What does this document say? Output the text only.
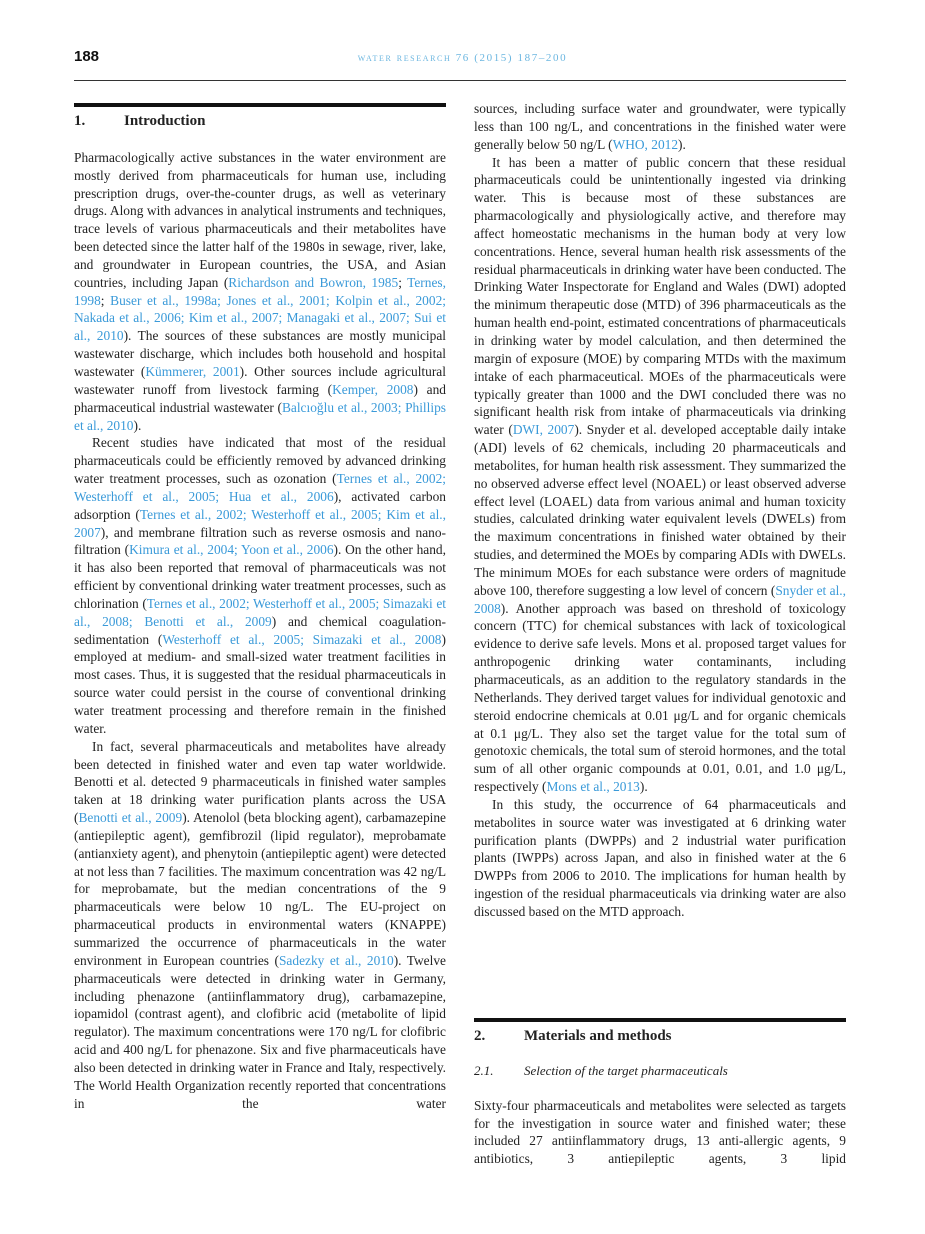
188	water research 76 (2015) 187–200
1.	Introduction

Pharmacologically active substances in the water environment are mostly derived from pharmaceuticals for human use, including prescription drugs, over-the-counter drugs, as well as veterinary drugs. Along with advances in analytical instruments and techniques, trace levels of various pharmaceuticals and their metabolites have been detected since the latter half of the 1980s in sewage, river, lake, and groundwater in European countries, the USA, and Asian countries, including Japan (Richardson and Bowron, 1985; Ternes, 1998; Buser et al., 1998a; Jones et al., 2001; Kolpin et al., 2002; Nakada et al., 2006; Kim et al., 2007; Managaki et al., 2007; Sui et al., 2010). The sources of these substances are mostly municipal wastewater discharge, which includes both household and hospital wastewater (Kümmerer, 2001). Other sources include agricultural wastewater runoff from livestock farming (Kemper, 2008) and pharmaceutical industrial wastewater (Balcıoğlu et al., 2003; Phillips et al., 2010).

Recent studies have indicated that most of the residual pharmaceuticals could be efficiently removed by advanced drinking water treatment processes, such as ozonation (Ternes et al., 2002; Westerhoff et al., 2005; Hua et al., 2006), activated carbon adsorption (Ternes et al., 2002; Westerhoff et al., 2005; Kim et al., 2007), and membrane filtration such as reverse osmosis and nano-filtration (Kimura et al., 2004; Yoon et al., 2006). On the other hand, it has also been reported that removal of pharmaceuticals was not efficient by conventional drinking water treatment processes, such as chlorination (Ternes et al., 2002; Westerhoff et al., 2005; Simazaki et al., 2008; Benotti et al., 2009) and chemical coagulation-sedimentation (Westerhoff et al., 2005; Simazaki et al., 2008) employed at medium- and small-sized water treatment facilities in most cases. Thus, it is suggested that the residual pharmaceuticals in source water could persist in the course of conventional drinking water treatment processing and therefore remain in the finished water.

In fact, several pharmaceuticals and metabolites have already been detected in finished water and even tap water worldwide. Benotti et al. detected 9 pharmaceuticals in finished water samples taken at 18 drinking water purification plants across the USA (Benotti et al., 2009). Atenolol (beta blocking agent), carbamazepine (antiepileptic agent), gemfibrozil (lipid regulator), meprobamate (antianxiety agent), and phenytoin (antiepileptic agent) were detected at not less than 7 facilities. The maximum concentration was 42 ng/L for meprobamate, but the median concentrations of the 9 pharmaceuticals were below 10 ng/L. The EU-project on pharmaceutical products in environmental waters (KNAPPE) summarized the occurrence of pharmaceuticals in the water environment in European countries (Sadezky et al., 2010). Twelve pharmaceuticals were detected in drinking water in Germany, including phenazone (antiinflammatory drug), carbamazepine, iopamidol (contrast agent), and clofibric acid (metabolite of lipid regulator). The maximum concentrations were 170 ng/L for clofibric acid and 400 ng/L for phenazone. Six and five pharmaceuticals have also been detected in drinking water in France and Italy, respectively. The World Health Organization recently reported that concentrations in the water

sources, including surface water and groundwater, were typically less than 100 ng/L, and concentrations in the finished water were generally below 50 ng/L (WHO, 2012).

It has been a matter of public concern that these residual pharmaceuticals could be unintentionally ingested via drinking water. This is because most of these substances are pharmacologically and physiologically active, and therefore may affect homeostatic mechanisms in the human body at very low concentrations. Hence, several human health risk assessments of the residual pharmaceuticals in drinking water have been conducted. The Drinking Water Inspectorate for England and Wales (DWI) adopted the minimum therapeutic dose (MTD) of 396 pharmaceuticals as the human health end-point, estimated concentrations of pharmaceuticals in drinking water by model calculation, and then determined the margin of exposure (MOE) by comparing MTDs with the maximum intake of each pharmaceutical. MOEs of the pharmaceuticals were typically greater than 1000 and the DWI concluded there was no significant health risk from intake of pharmaceuticals via drinking water (DWI, 2007). Snyder et al. developed acceptable daily intake (ADI) levels of 62 chemicals, including 20 pharmaceuticals and metabolites, for human health risk assessment. They summarized the no observed adverse effect level (NOAEL) or least observed adverse effect level (LOAEL) data from various animal and human toxicity studies, calculated drinking water equivalent levels (DWELs) from the maximum concentrations in finished water obtained by their studies, and determined the MOEs by comparing ADIs with DWELs. The minimum MOEs for each substance were orders of magnitude above 100, therefore suggesting a low level of concern (Snyder et al., 2008). Another approach was based on threshold of toxicology concern (TTC) for chemical substances with lack of toxicological evidence to derive safe levels. Mons et al. proposed target values for anthropogenic drinking water contaminants, including pharmaceuticals, as an addition to the regulatory standards in the Netherlands. They derived target values for individual genotoxic and steroid endocrine chemicals at 0.01 μg/L and for organic chemicals at 0.1 μg/L. They also set the target value for the total sum of genotoxic chemicals, the total sum of steroid hormones, and the total sum of all other organic compounds at 0.01, 0.01, and 1.0 μg/L, respectively (Mons et al., 2013).

In this study, the occurrence of 64 pharmaceuticals and metabolites in source water was investigated at 6 drinking water purification plants (DWPPs) and 2 industrial water purification plants (IWPPs) across Japan, and also in finished water at the 6 DWPPs from 2006 to 2010. The implications for human health by ingestion of the residual pharmaceuticals via drinking water are also discussed based on the MTD approach.

2.	Materials and methods
2.1.	Selection of the target pharmaceuticals

Sixty-four pharmaceuticals and metabolites were selected as targets for the investigation in source water and finished water; these included 27 antiinflammatory drugs, 13 anti-allergic agents, 9 antibiotics, 3 antiepileptic agents, 3 lipid
